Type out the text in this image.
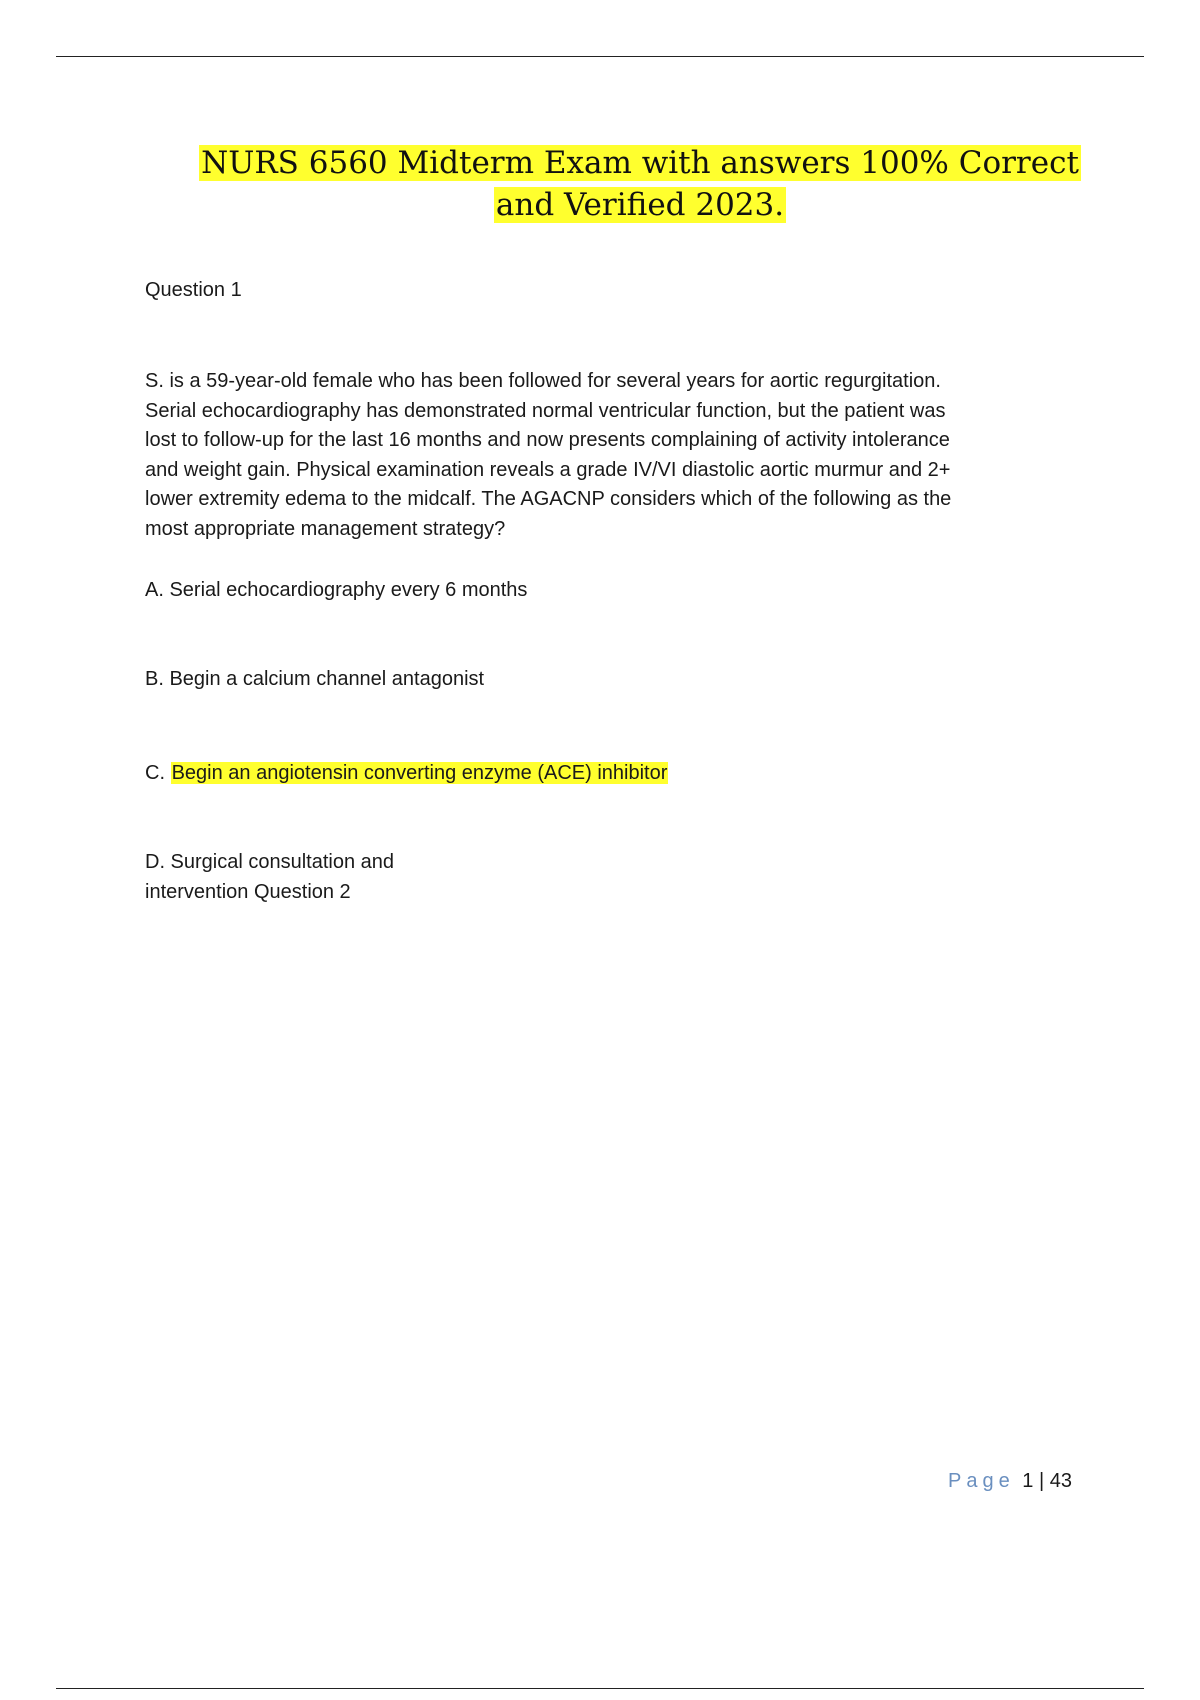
NURS 6560 Midterm Exam with answers 100% Correct
and Verified 2023.
Question 1
S. is a 59-year-old female who has been followed for several years for aortic regurgitation.
Serial echocardiography has demonstrated normal ventricular function, but the patient was
lost to follow-up for the last 16 months and now presents complaining of activity intolerance
and weight gain. Physical examination reveals a grade IV/VI diastolic aortic murmur and 2+
lower extremity edema to the midcalf. The AGACNP considers which of the following as the
most appropriate management strategy?
A. Serial echocardiography every 6 months
B. Begin a calcium channel antagonist
C. Begin an angiotensin converting enzyme (ACE) inhibitor
D. Surgical consultation and
intervention Question 2
Page 1 | 43
